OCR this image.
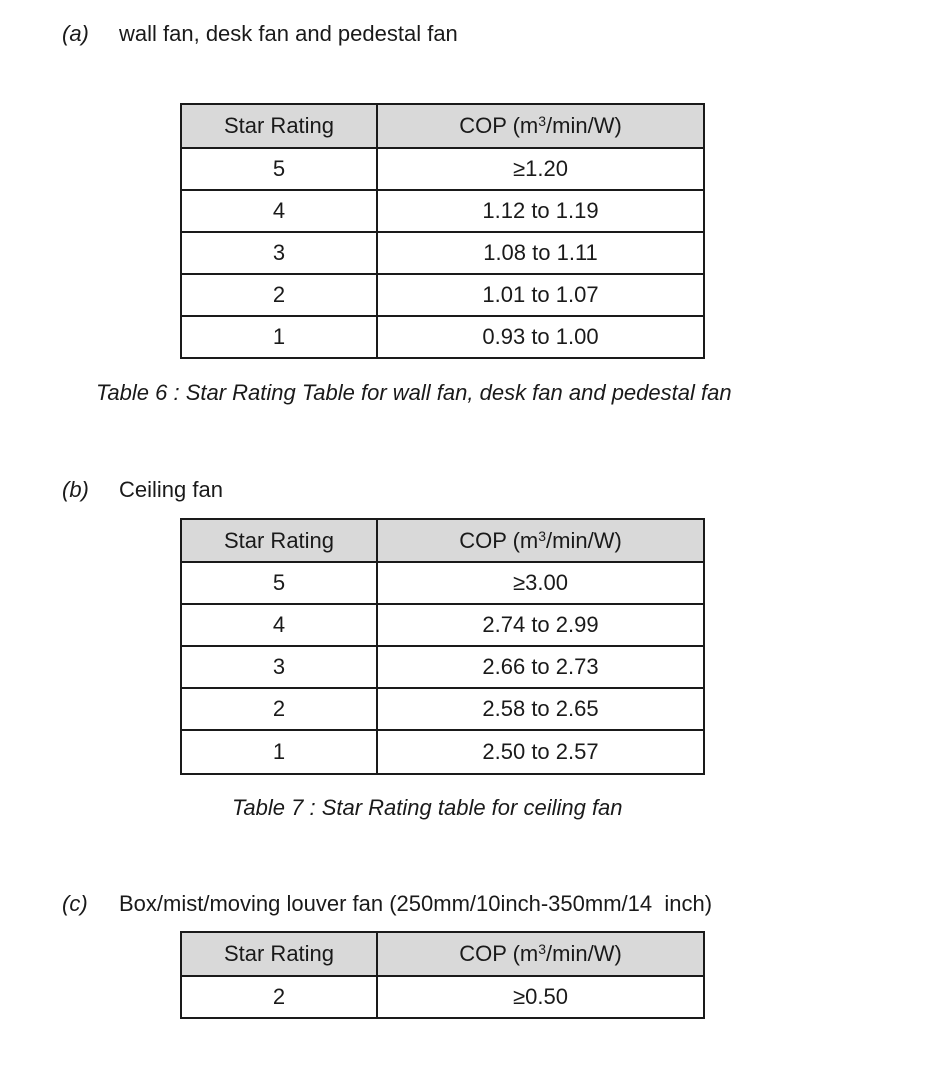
(a) wall fan, desk fan and pedestal fan
Star Rating	COP $(m^3/\min/W)$
5	≥1.20
4	1.12 to 1.19
3	1.08 to 1.11
2	1.01 to 1.07
1	0.93 to 1.00
Table 6 : Star Rating Table for wall fan, desk fan and pedestal fan
(b) Ceiling fan
Star Rating	COP $(m^3/\min/W)$
5	≥3.00
4	2.74 to 2.99
3	2.66 to 2.73
2	2.58 to 2.65
1	2.50 to 2.57
Table 7 : Star Rating table for ceiling fan
(c) Box/mist/moving louver fan (250mm/10inch-350mm/14  inch)
Star Rating	COP $(m^3/\min/W)$
2	≥0.50
